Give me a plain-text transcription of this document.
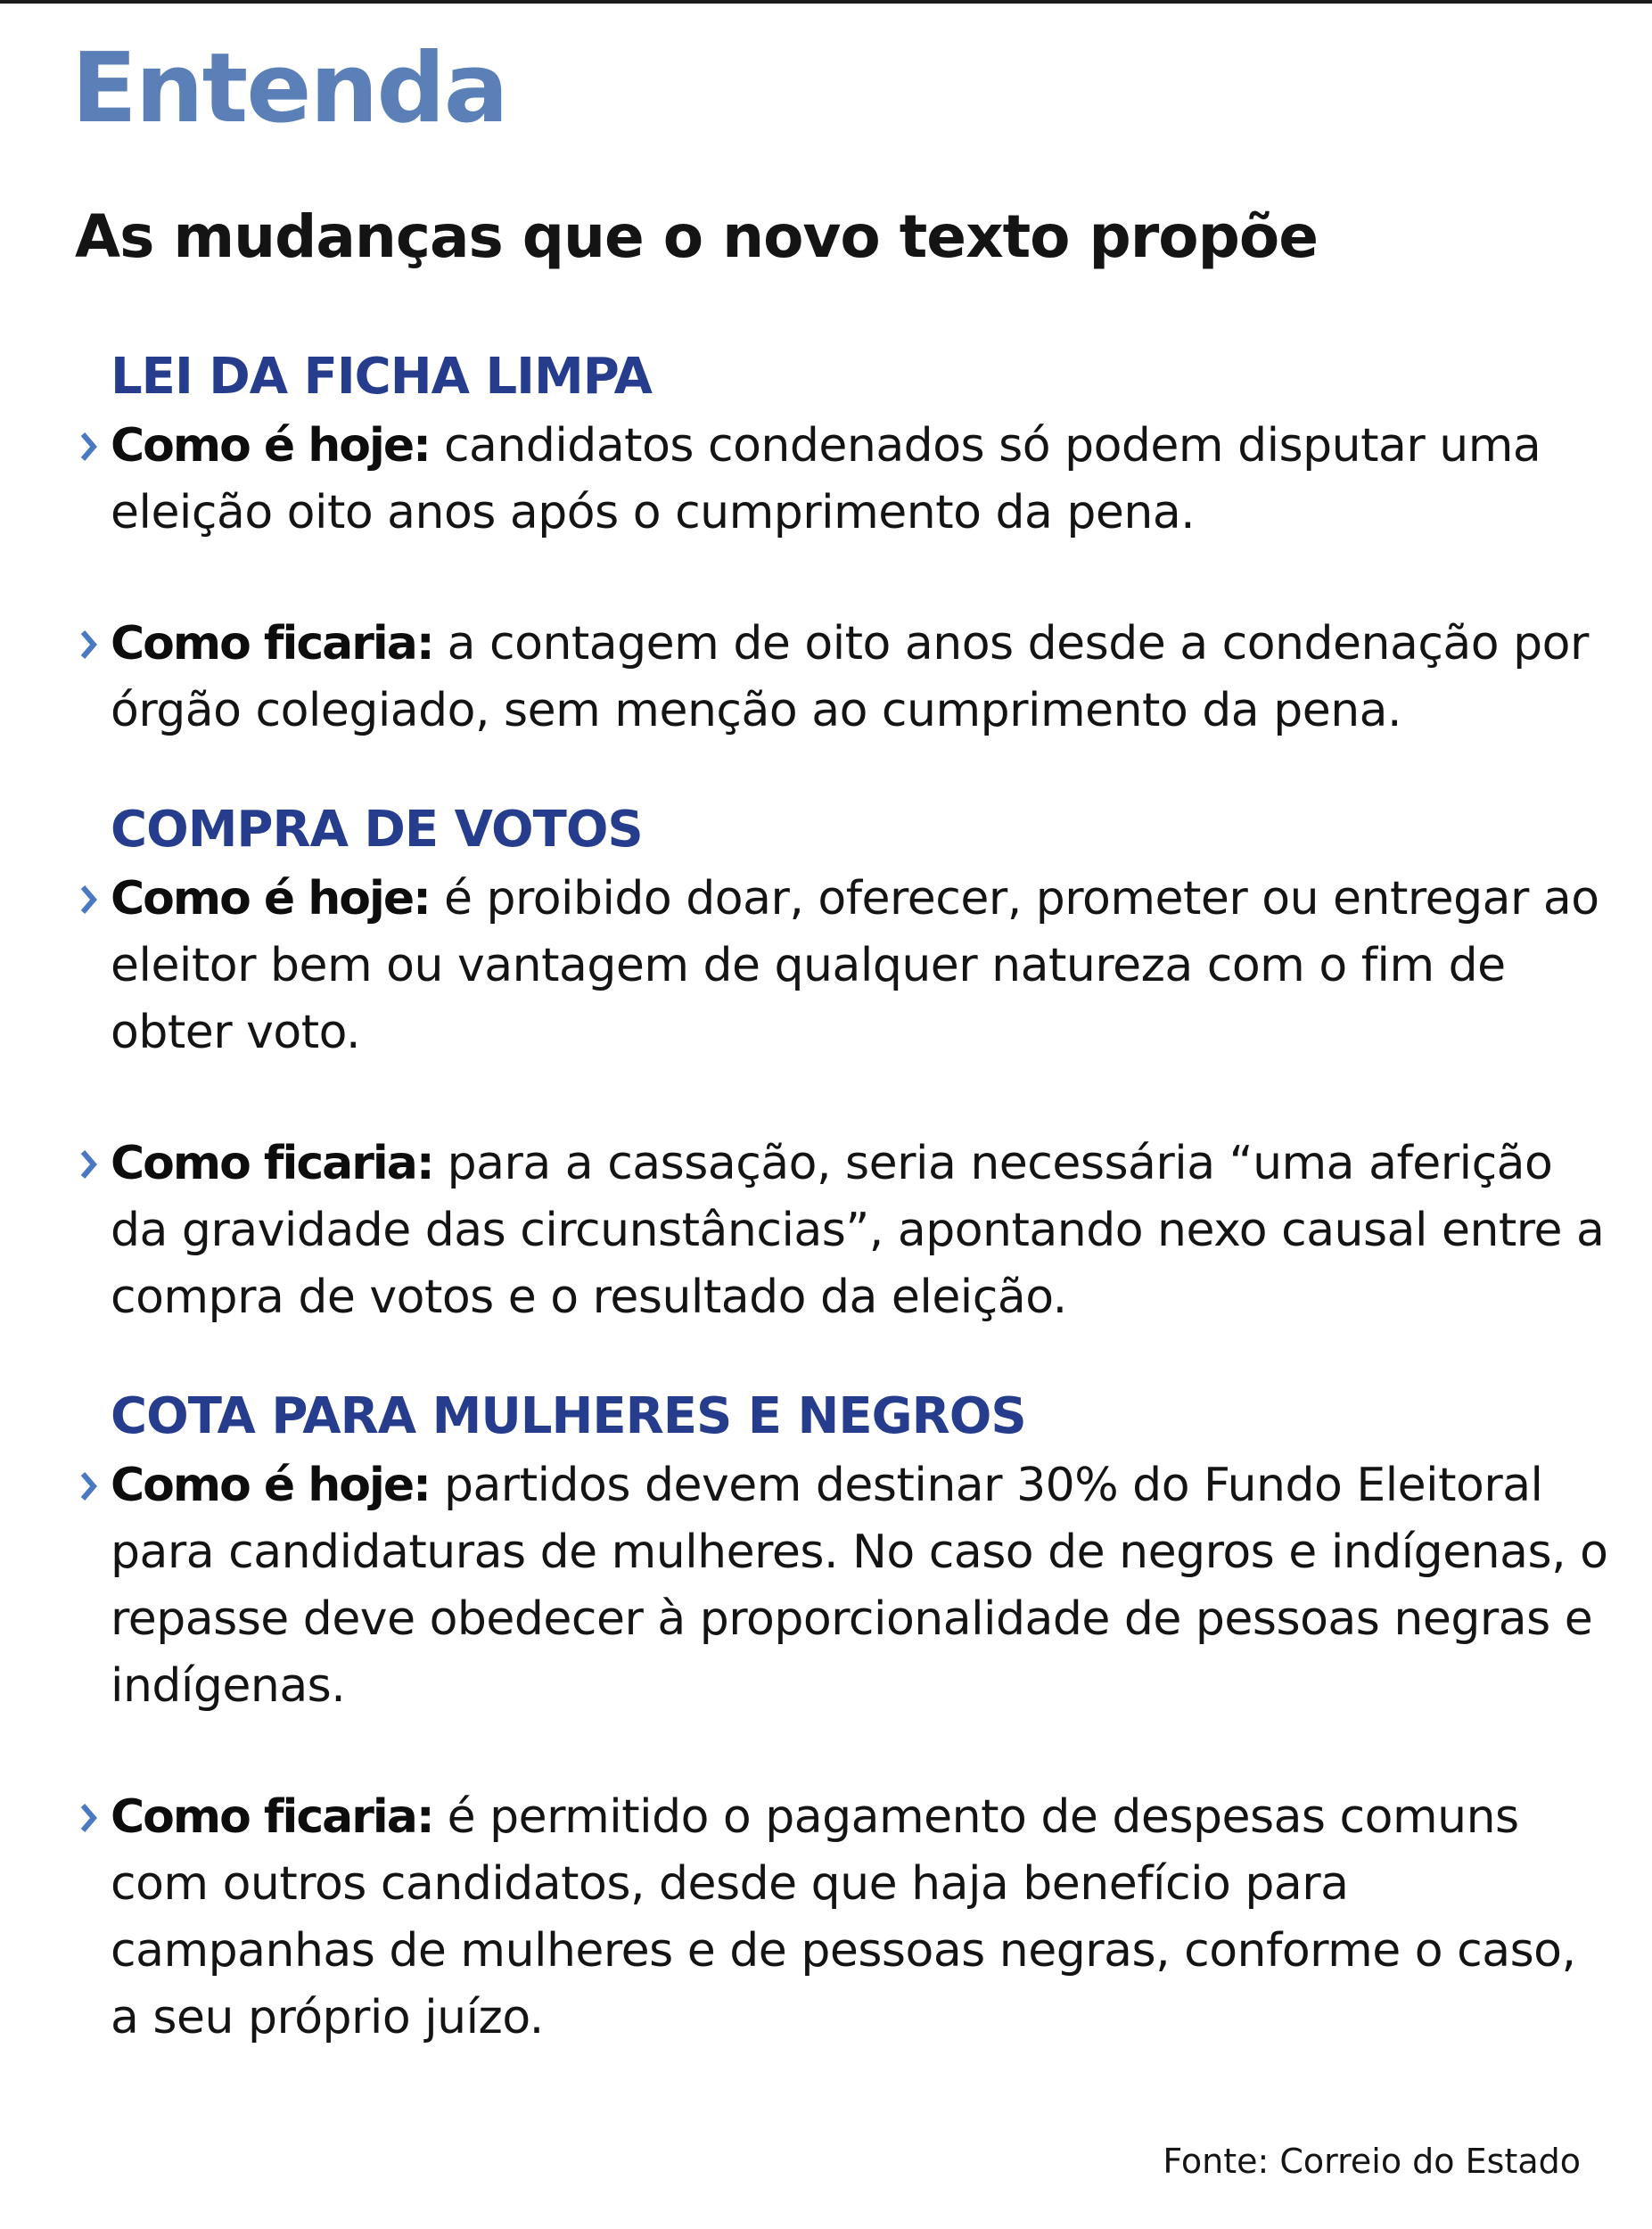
Entenda
As mudanças que o novo texto propõe
LEI DA FICHA LIMPA

Como é hoje: candidatos condenados só podem disputar uma eleição oito anos após o cumprimento da pena.

Como ficaria: a contagem de oito anos desde a condenação por órgão colegiado, sem menção ao cumprimento da pena.

COMPRA DE VOTOS

Como é hoje: é proibido doar, oferecer, prometer ou entregar ao eleitor bem ou vantagem de qualquer natureza com o fim de obter voto.

Como ficaria: para a cassação, seria necessária “uma aferição da gravidade das circunstâncias”, apontando nexo causal entre a compra de votos e o resultado da eleição.

COTA PARA MULHERES E NEGROS

Como é hoje: partidos devem destinar 30% do Fundo Eleitoral para candidaturas de mulheres. No caso de negros e indígenas, o repasse deve obedecer à proporcionalidade de pessoas negras e indígenas.

Como ficaria: é permitido o pagamento de despesas comuns com outros candidatos, desde que haja benefício para campanhas de mulheres e de pessoas negras, conforme o caso, a seu próprio juízo.

Fonte: Correio do Estado
